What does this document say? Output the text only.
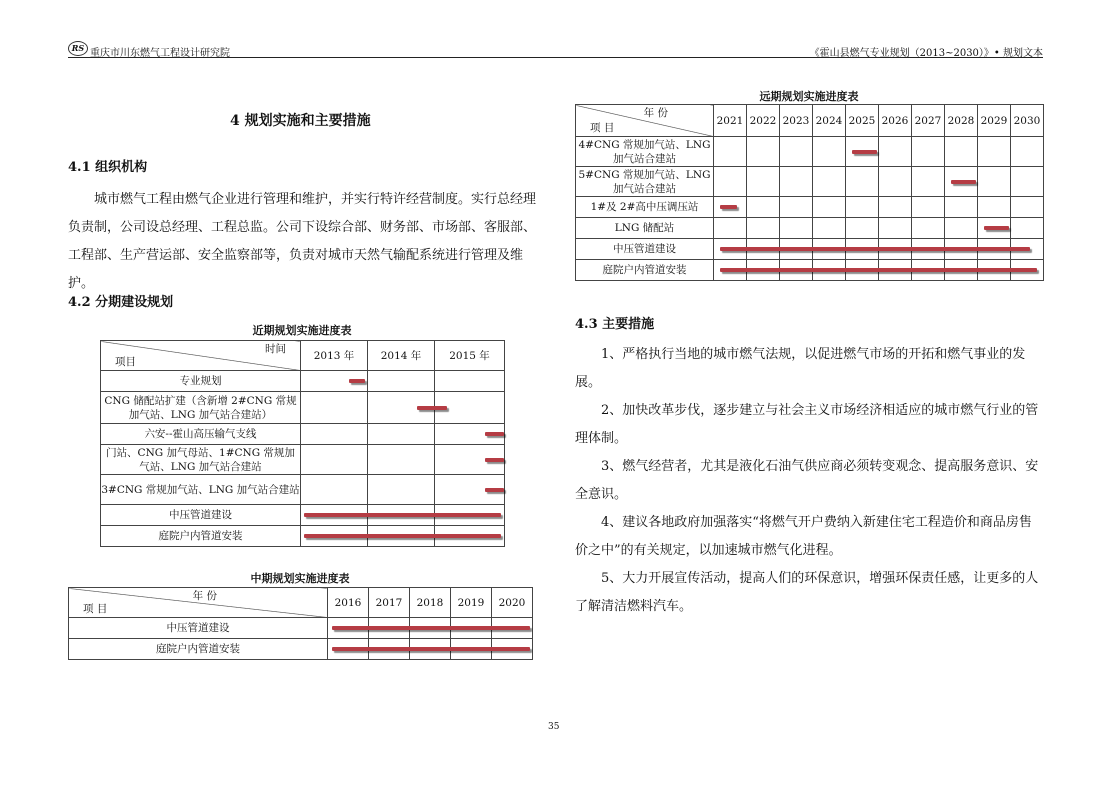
RS 重庆市川东燃气工程设计研究院	《霍山县燃气专业规划（2013~2030）》• 规划文本
4 规划实施和主要措施
4.1 组织机构
城市燃气工程由燃气企业进行管理和维护，并实行特许经营制度。实行总经理
负责制，公司设总经理、工程总监。公司下设综合部、财务部、市场部、客服部、
工程部、生产营运部、安全监察部等，负责对城市天然气输配系统进行管理及维护。
4.2 分期建设规划
近期规划实施进度表
时间
项目	2013 年	2014 年	2015 年
专业规划			
CNG 储配站扩建（含新增 2#CNG 常规加气站、LNG 加气站合建站）			
六安--霍山高压输气支线			
门站、CNG 加气母站、1#CNG 常规加气站、LNG 加气站合建站			
3#CNG 常规加气站、LNG 加气站合建站			
中压管道建设			
庭院户内管道安装			
中期规划实施进度表
年 份
项 目	2016	2017	2018	2019	2020
中压管道建设					
庭院户内管道安装					
远期规划实施进度表
年 份
项 目	2021	2022	2023	2024	2025	2026	2027	2028	2029	2030
4#CNG 常规加气站、LNG 加气站合建站										
5#CNG 常规加气站、LNG 加气站合建站										
1#及 2#高中压调压站										
LNG 储配站										
中压管道建设										
庭院户内管道安装										
4.3 主要措施
1、严格执行当地的城市燃气法规，以促进燃气市场的开拓和燃气事业的发展。
2、加快改革步伐，逐步建立与社会主义市场经济相适应的城市燃气行业的管
理体制。
3、燃气经营者，尤其是液化石油气供应商必须转变观念、提高服务意识、安
全意识。
4、建议各地政府加强落实“将燃气开户费纳入新建住宅工程造价和商品房售
价之中”的有关规定，以加速城市燃气化进程。
5、大力开展宣传活动，提高人们的环保意识，增强环保责任感，让更多的人
了解清洁燃料汽车。
35
